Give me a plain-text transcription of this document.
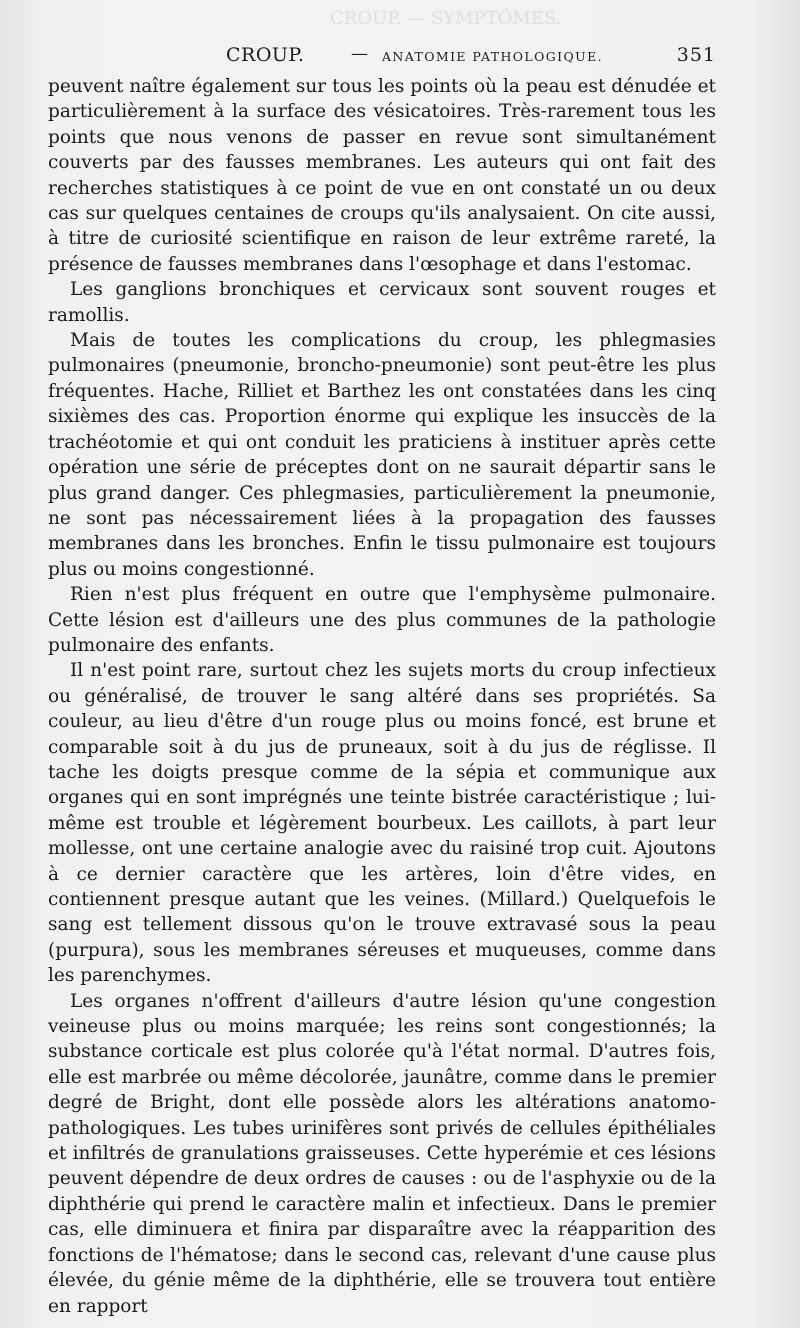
CROUP. — SYMPTÔMES.
CROUP.	— ANATOMIE PATHOLOGIQUE.	351

peuvent naître également sur tous les points où la peau est dénudée et particulièrement à la surface des vésicatoires. Très-rarement tous les points que nous venons de passer en revue sont simultanément couverts par des fausses membranes. Les auteurs qui ont fait des recherches statistiques à ce point de vue en ont constaté un ou deux cas sur quelques centaines de croups qu'ils analysaient. On cite aussi, à titre de curiosité scientifique en raison de leur extrême rareté, la présence de fausses membranes dans l'œsophage et dans l'estomac.

Les ganglions bronchiques et cervicaux sont souvent rouges et ramollis.

Mais de toutes les complications du croup, les phlegmasies pulmonaires (pneumonie, broncho-pneumonie) sont peut-être les plus fréquentes. Hache, Rilliet et Barthez les ont constatées dans les cinq sixièmes des cas. Proportion énorme qui explique les insuccès de la trachéotomie et qui ont conduit les praticiens à instituer après cette opération une série de préceptes dont on ne saurait départir sans le plus grand danger. Ces phlegmasies, particulièrement la pneumonie, ne sont pas nécessairement liées à la propagation des fausses membranes dans les bronches. Enfin le tissu pulmonaire est toujours plus ou moins congestionné.

Rien n'est plus fréquent en outre que l'emphysème pulmonaire. Cette lésion est d'ailleurs une des plus communes de la pathologie pulmonaire des enfants.

Il n'est point rare, surtout chez les sujets morts du croup infectieux ou généralisé, de trouver le sang altéré dans ses propriétés. Sa couleur, au lieu d'être d'un rouge plus ou moins foncé, est brune et comparable soit à du jus de pruneaux, soit à du jus de réglisse. Il tache les doigts presque comme de la sépia et communique aux organes qui en sont imprégnés une teinte bistrée caractéristique ; lui-même est trouble et légèrement bourbeux. Les caillots, à part leur mollesse, ont une certaine analogie avec du raisiné trop cuit. Ajoutons à ce dernier caractère que les artères, loin d'être vides, en contiennent presque autant que les veines. (Millard.) Quelquefois le sang est tellement dissous qu'on le trouve extravasé sous la peau (purpura), sous les membranes séreuses et muqueuses, comme dans les parenchymes.

Les organes n'offrent d'ailleurs d'autre lésion qu'une congestion veineuse plus ou moins marquée; les reins sont congestionnés; la substance corticale est plus colorée qu'à l'état normal. D'autres fois, elle est marbrée ou même décolorée, jaunâtre, comme dans le premier degré de Bright, dont elle possède alors les altérations anatomo-pathologiques. Les tubes urinifères sont privés de cellules épithéliales et infiltrés de granulations graisseuses. Cette hyperémie et ces lésions peuvent dépendre de deux ordres de causes : ou de l'asphyxie ou de la diphthérie qui prend le caractère malin et infectieux. Dans le premier cas, elle diminuera et finira par disparaître avec la réapparition des fonctions de l'hématose; dans le second cas, relevant d'une cause plus élevée, du génie même de la diphthérie, elle se trouvera tout entière en rapport
